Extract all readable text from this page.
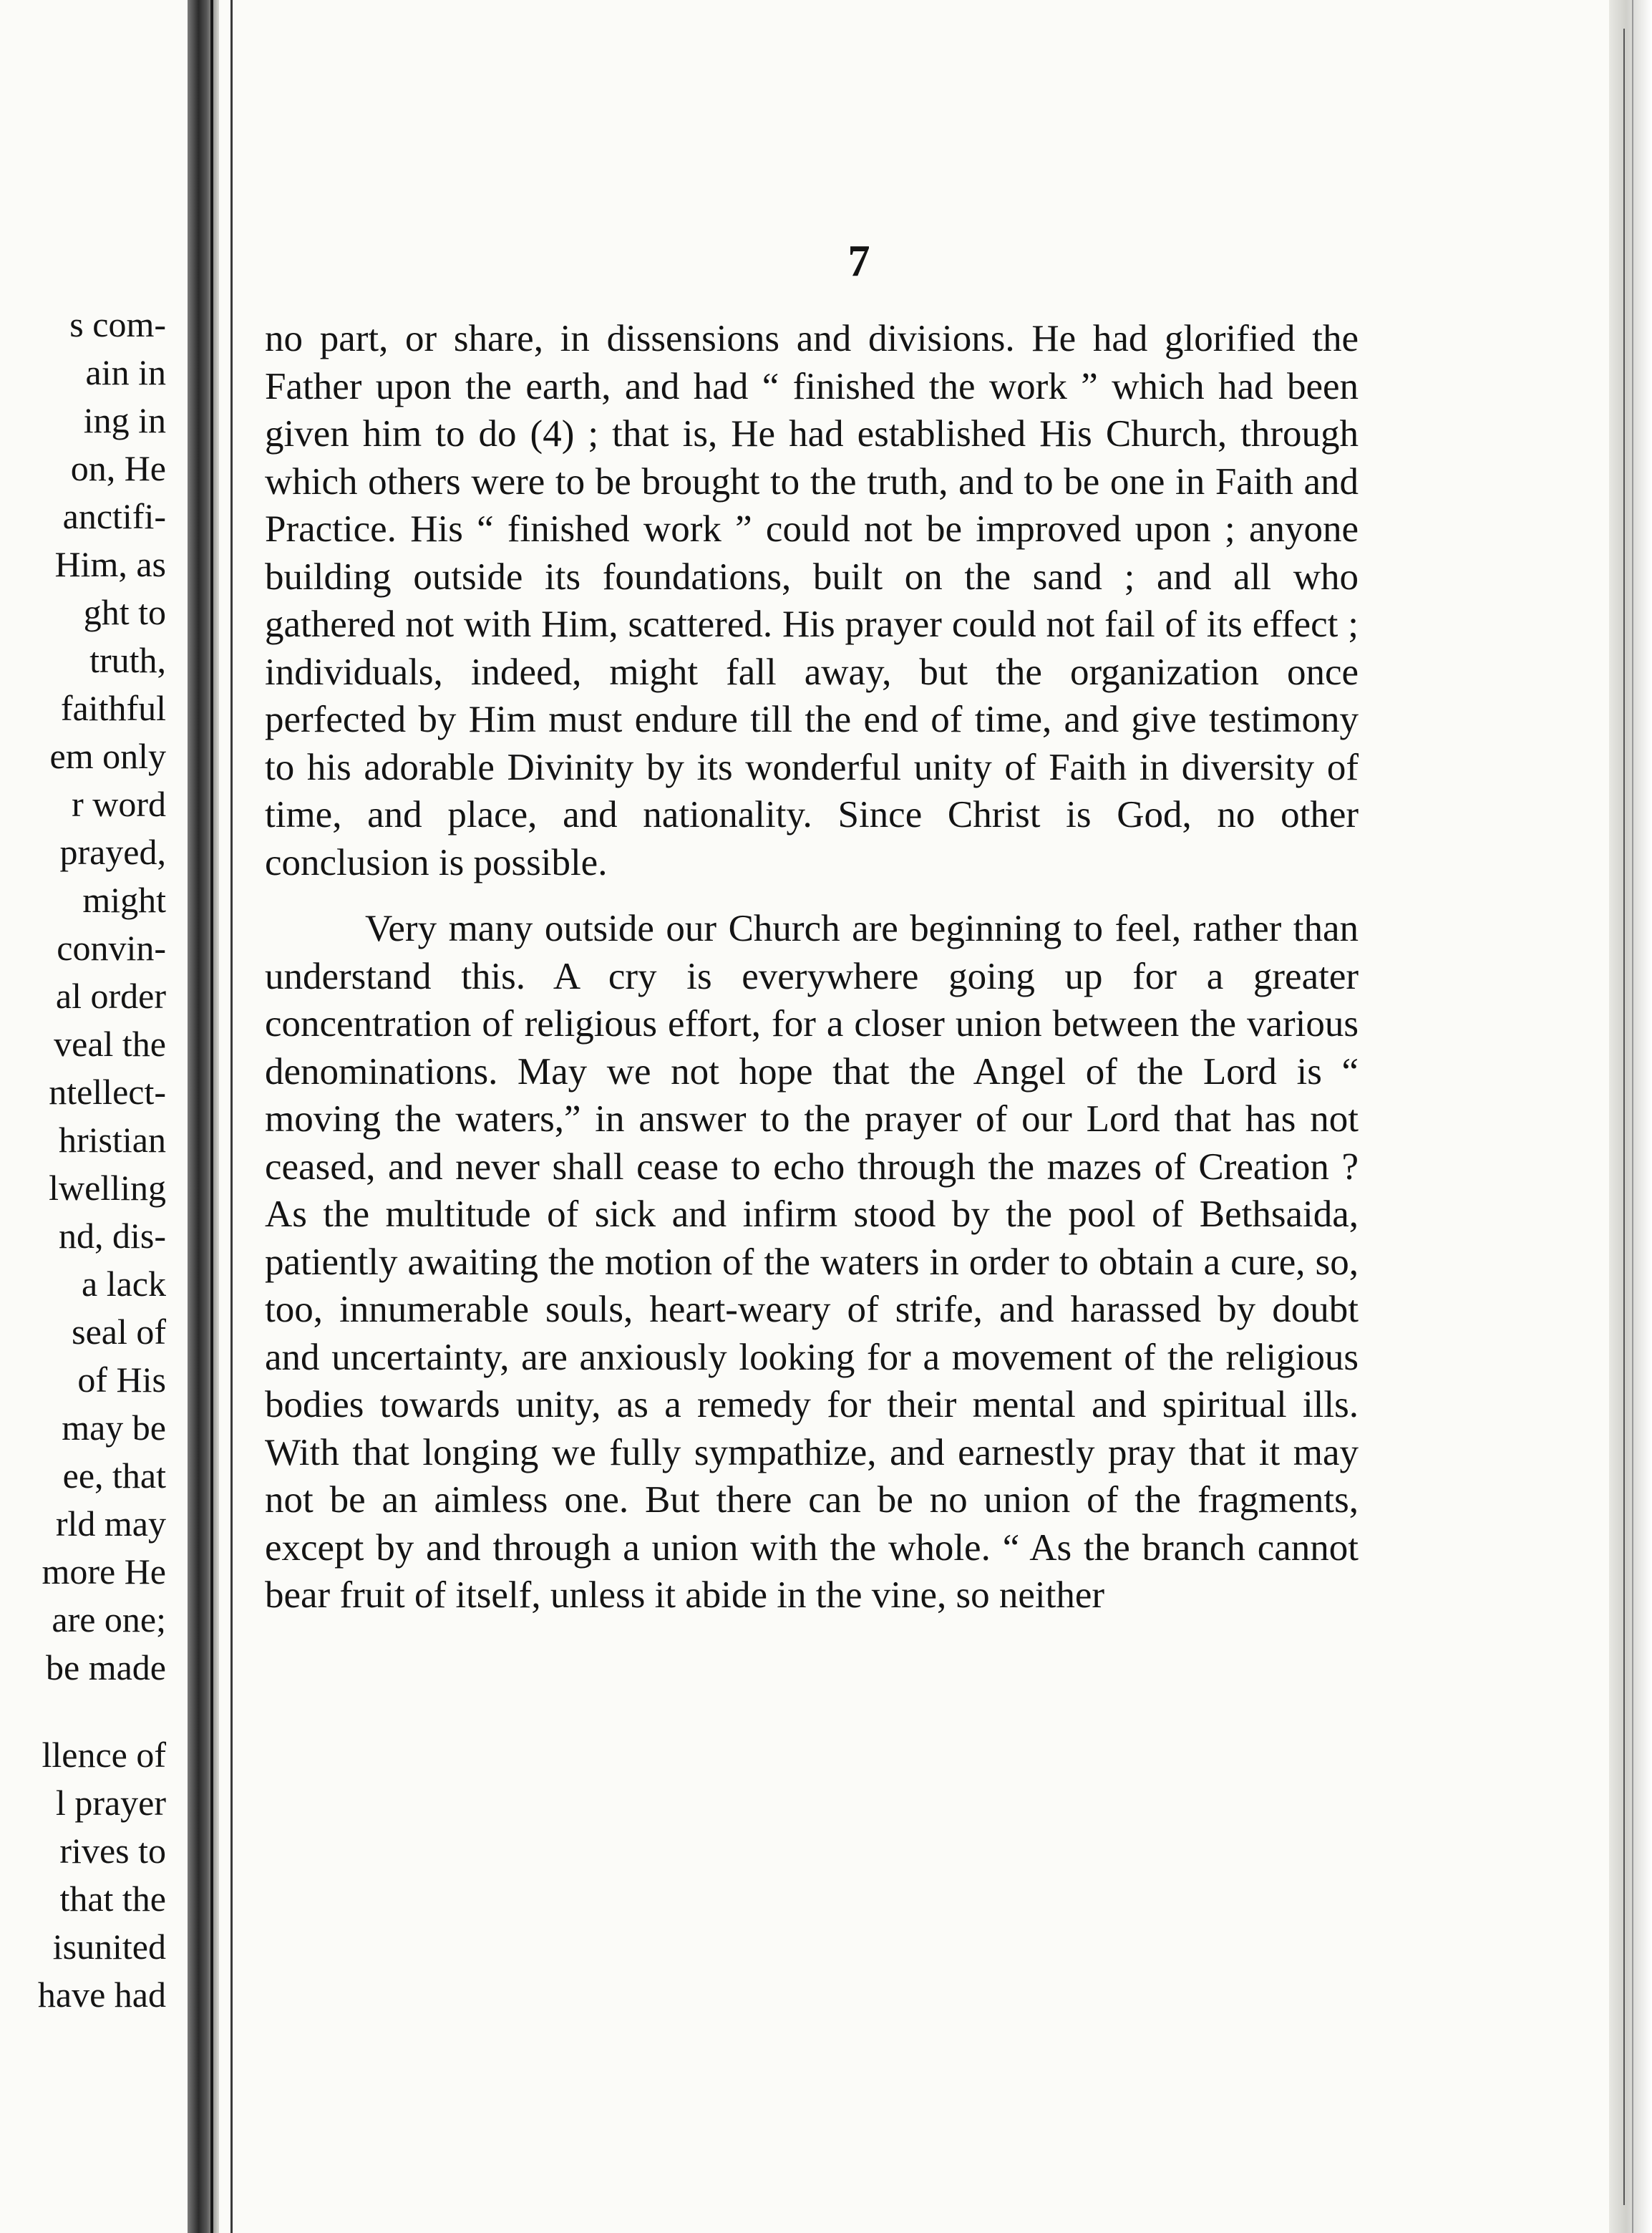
s com-
ain in
ing in
on, He
anctifi-
Him, as
ght to
truth,
faithful
em only
r word
prayed,
might
convin-
al order
veal the
ntellect-
hristian
lwelling
nd, dis-
a lack
seal of
of His
may be
ee, that
rld may
more He
are one;
be made
llence of
l prayer
rives to
that the
isunited
have had
7

no part, or share, in dissensions and divisions. He had glorified the Father upon the earth, and had “ finished the work ” which had been given him to do (4) ; that is, He had established His Church, through which others were to be brought to the truth, and to be one in Faith and Practice. His “ finished work ” could not be improved upon ; anyone building outside its foundations, built on the sand ; and all who gathered not with Him, scattered. His prayer could not fail of its effect ; individuals, indeed, might fall away, but the organization once perfected by Him must endure till the end of time, and give testimony to his adorable Divinity by its wonderful unity of Faith in diversity of time, and place, and nationality. Since Christ is God, no other conclusion is possible.

Very many outside our Church are beginning to feel, rather than understand this. A cry is everywhere going up for a greater concentration of religious effort, for a closer union between the various denominations. May we not hope that the Angel of the Lord is “ moving the waters,” in answer to the prayer of our Lord that has not ceased, and never shall cease to echo through the mazes of Creation ? As the multitude of sick and infirm stood by the pool of Bethsaida, patiently awaiting the motion of the waters in order to obtain a cure, so, too, innumerable souls, heart-weary of strife, and harassed by doubt and uncertainty, are anxiously looking for a movement of the religious bodies towards unity, as a remedy for their mental and spiritual ills. With that longing we fully sympathize, and earnestly pray that it may not be an aimless one. But there can be no union of the fragments, except by and through a union with the whole. “ As the branch cannot bear fruit of itself, unless it abide in the vine, so neither
